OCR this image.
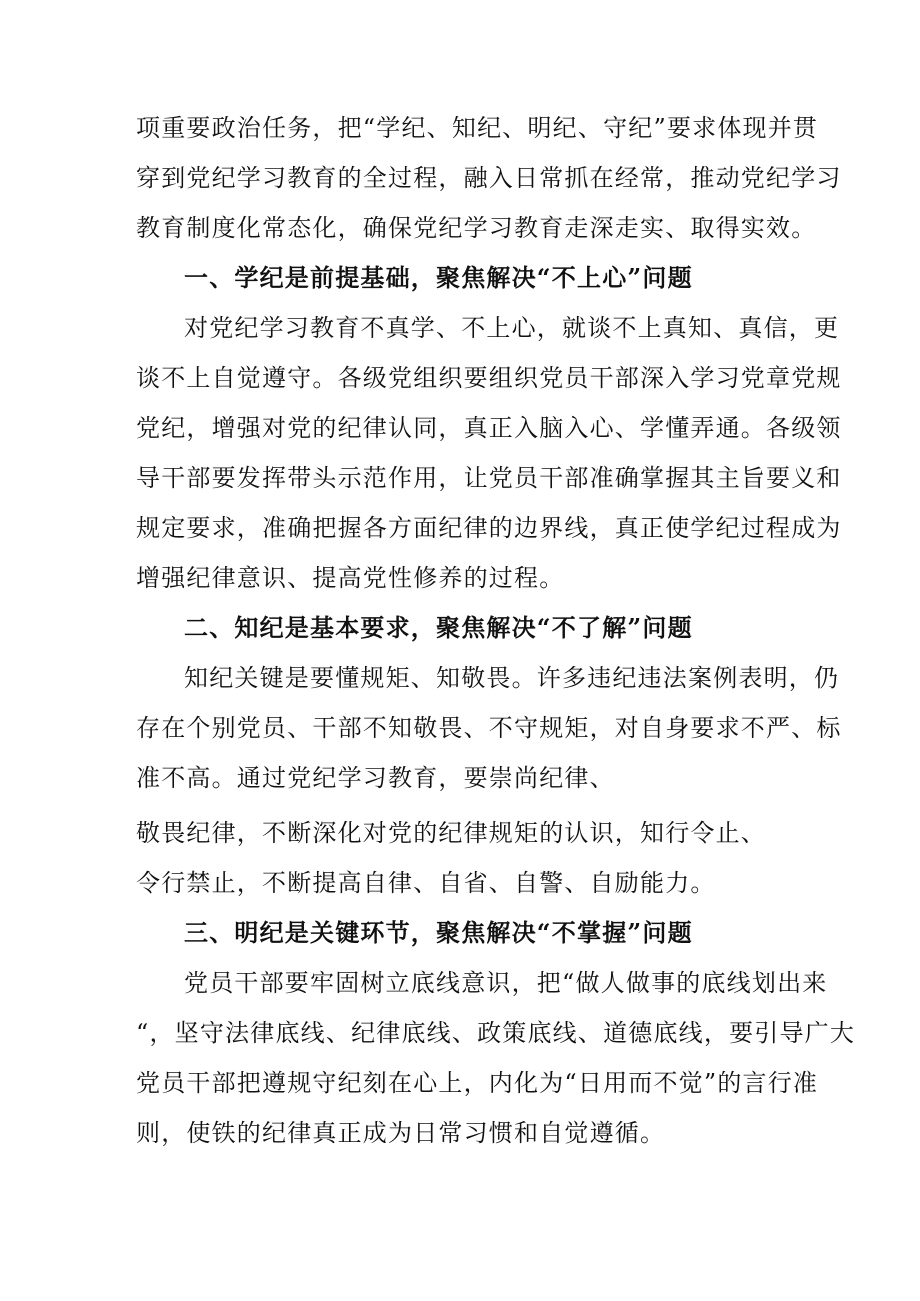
项重要政治任务，把“学纪、知纪、明纪、守纪”要求体现并贯
穿到党纪学习教育的全过程，融入日常抓在经常，推动党纪学习
教育制度化常态化，确保党纪学习教育走深走实、取得实效。
一、学纪是前提基础，聚焦解决“不上心”问题
对党纪学习教育不真学、不上心，就谈不上真知、真信，更
谈不上自觉遵守。各级党组织要组织党员干部深入学习党章党规
党纪，增强对党的纪律认同，真正入脑入心、学懂弄通。各级领
导干部要发挥带头示范作用，让党员干部准确掌握其主旨要义和
规定要求，准确把握各方面纪律的边界线，真正使学纪过程成为
增强纪律意识、提高党性修养的过程。
二、知纪是基本要求，聚焦解决“不了解”问题
知纪关键是要懂规矩、知敬畏。许多违纪违法案例表明，仍
存在个别党员、干部不知敬畏、不守规矩，对自身要求不严、标
准不高。通过党纪学习教育，要崇尚纪律、
敬畏纪律，不断深化对党的纪律规矩的认识，知行令止、
令行禁止，不断提高自律、自省、自警、自励能力。
三、明纪是关键环节，聚焦解决“不掌握”问题
党员干部要牢固树立底线意识，把“做人做事的底线划出来
“，坚守法律底线、纪律底线、政策底线、道德底线，要引导广大
党员干部把遵规守纪刻在心上，内化为“日用而不觉”的言行准
则，使铁的纪律真正成为日常习惯和自觉遵循。
